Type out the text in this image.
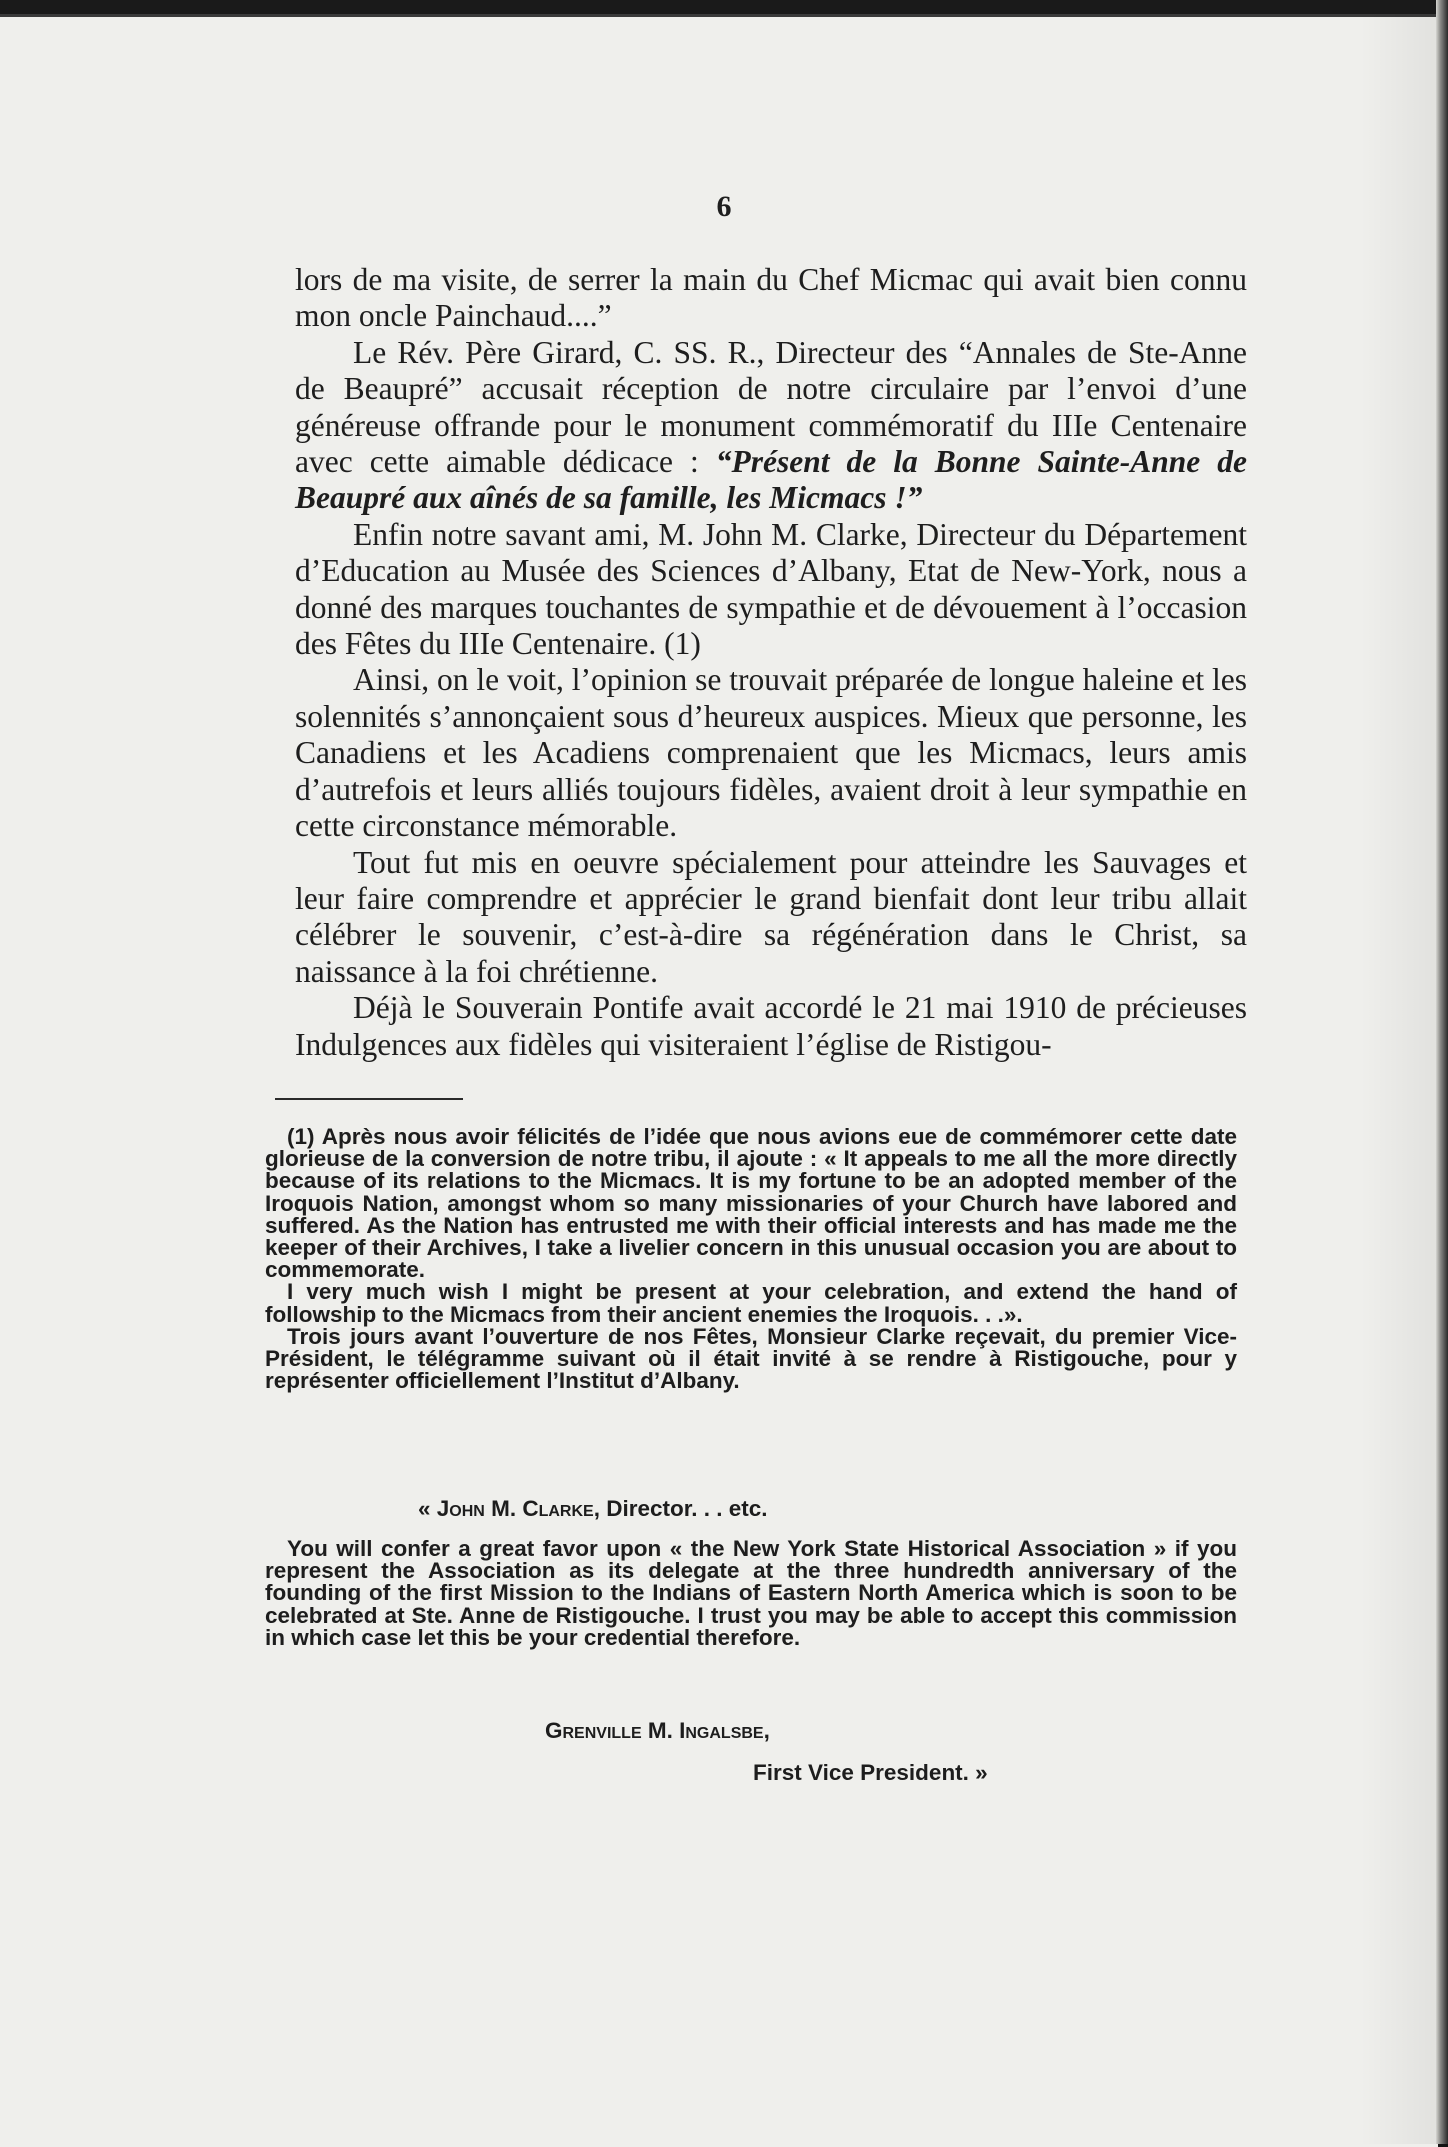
6

lors de ma visite, de serrer la main du Chef Micmac qui avait bien connu mon oncle Painchaud....”

Le Rév. Père Girard, C. SS. R., Directeur des “Annales de Ste-Anne de Beaupré” accusait réception de notre circulaire par l’envoi d’une généreuse offrande pour le monument commémoratif du IIIe Centenaire avec cette aimable dédicace : “Présent de la Bonne Sainte-Anne de Beaupré aux aînés de sa famille, les Micmacs !”

Enfin notre savant ami, M. John M. Clarke, Directeur du Département d’Education au Musée des Sciences d’Albany, Etat de New-York, nous a donné des marques touchantes de sympathie et de dévouement à l’occasion des Fêtes du IIIe Centenaire. (1)

Ainsi, on le voit, l’opinion se trouvait préparée de longue haleine et les solennités s’annonçaient sous d’heureux auspices. Mieux que personne, les Canadiens et les Acadiens comprenaient que les Micmacs, leurs amis d’autrefois et leurs alliés toujours fidèles, avaient droit à leur sympathie en cette circonstance mémorable.

Tout fut mis en oeuvre spécialement pour atteindre les Sauvages et leur faire comprendre et apprécier le grand bienfait dont leur tribu allait célébrer le souvenir, c’est-à-dire sa régénération dans le Christ, sa naissance à la foi chrétienne.

Déjà le Souverain Pontife avait accordé le 21 mai 1910 de précieuses Indulgences aux fidèles qui visiteraient l’église de Ristigou-

(1) Après nous avoir félicités de l’idée que nous avions eue de commémorer cette date glorieuse de la conversion de notre tribu, il ajoute : « It appeals to me all the more directly because of its relations to the Micmacs. It is my fortune to be an adopted member of the Iroquois Nation, amongst whom so many missionaries of your Church have labored and suffered. As the Nation has entrusted me with their official interests and has made me the keeper of their Archives, I take a livelier concern in this unusual occasion you are about to commemorate.

I very much wish I might be present at your celebration, and extend the hand of followship to the Micmacs from their ancient enemies the Iroquois. . .».

Trois jours avant l’ouverture de nos Fêtes, Monsieur Clarke reçevait, du premier Vice-Président, le télégramme suivant où il était invité à se rendre à Ristigouche, pour y représenter officiellement l’Institut d’Albany.

« John M. Clarke, Director. . . etc.

You will confer a great favor upon « the New York State Historical Association » if you represent the Association as its delegate at the three hundredth anniversary of the founding of the first Mission to the Indians of Eastern North America which is soon to be celebrated at Ste. Anne de Ristigouche. I trust you may be able to accept this commission in which case let this be your credential therefore.

Grenville M. Ingalsbe,
First Vice President. »
